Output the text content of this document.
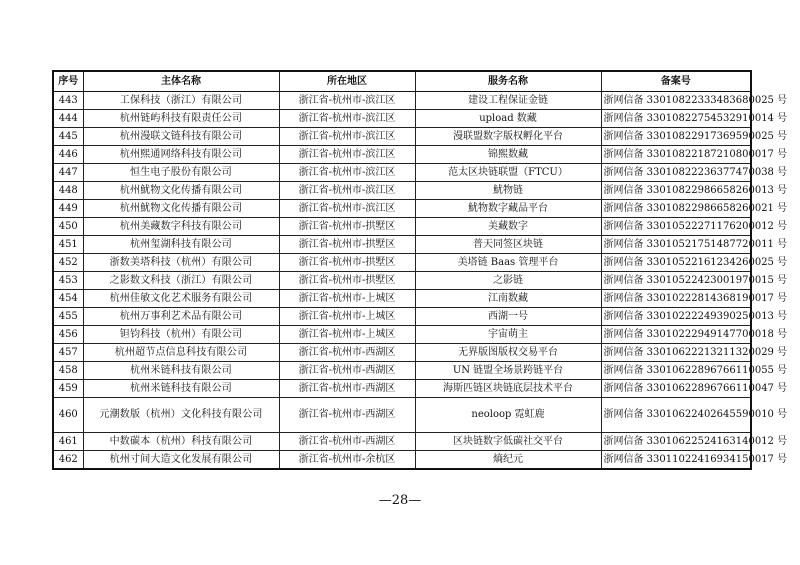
序号	主体名称	所在地区	服务名称	备案号
443	工保科技（浙江）有限公司	浙江省-杭州市-滨江区	建设工程保证金链	浙网信备 33010822333483680025 号
444	杭州链屿科技有限责任公司	浙江省-杭州市-滨江区	upload 数藏	浙网信备 33010822754532910014 号
445	杭州漫联文链科技有限公司	浙江省-杭州市-滨江区	漫联盟数字版权孵化平台	浙网信备 33010822917369590025 号
446	杭州煕通网络科技有限公司	浙江省-杭州市-滨江区	锦煕数藏	浙网信备 33010822187210800017 号
447	恒生电子股份有限公司	浙江省-杭州市-滨江区	范太区块链联盟（FTCU）	浙网信备 33010822236377470038 号
448	杭州魷物文化传播有限公司	浙江省-杭州市-滨江区	魷物链	浙网信备 33010822986658260013 号
449	杭州魷物文化传播有限公司	浙江省-杭州市-滨江区	魷物数字藏品平台	浙网信备 33010822986658260021 号
450	杭州美藏数字科技有限公司	浙江省-杭州市-拱墅区	美藏数字	浙网信备 33010522271176200012 号
451	杭州玺湖科技有限公司	浙江省-杭州市-拱墅区	普天同签区块链	浙网信备 33010521751487720011 号
452	浙数美塔科技（杭州）有限公司	浙江省-杭州市-拱墅区	美塔链 Baas 管理平台	浙网信备 33010522161234260025 号
453	之影数文科技（浙江）有限公司	浙江省-杭州市-拱墅区	之影链	浙网信备 33010522423001970015 号
454	杭州佳敏文化艺术服务有限公司	浙江省-杭州市-上城区	江南数藏	浙网信备 33010222814368190017 号
455	杭州万事利艺术品有限公司	浙江省-杭州市-上城区	西湖一号	浙网信备 33010222249390250013 号
456	钽钧科技（杭州）有限公司	浙江省-杭州市-上城区	宇宙萌主	浙网信备 33010222949147700018 号
457	杭州超节点信息科技有限公司	浙江省-杭州市-西湖区	无界版图版权交易平台	浙网信备 33010622213211320029 号
458	杭州米链科技有限公司	浙江省-杭州市-西湖区	UN 链盟全场景跨链平台	浙网信备 33010622896766110055 号
459	杭州米链科技有限公司	浙江省-杭州市-西湖区	海斯匹链区块链底层技术平台	浙网信备 33010622896766110047 号
460	元潮数版（杭州）文化科技有限公司	浙江省-杭州市-西湖区	neoloop 霓虹鹿	浙网信备 33010622402645590010 号
461	中数碳本（杭州）科技有限公司	浙江省-杭州市-西湖区	区块链数字低碳社交平台	浙网信备 33010622524163140012 号
462	杭州寸间大造文化发展有限公司	浙江省-杭州市-余杭区	熵纪元	浙网信备 33011022416934150017 号
—28—
